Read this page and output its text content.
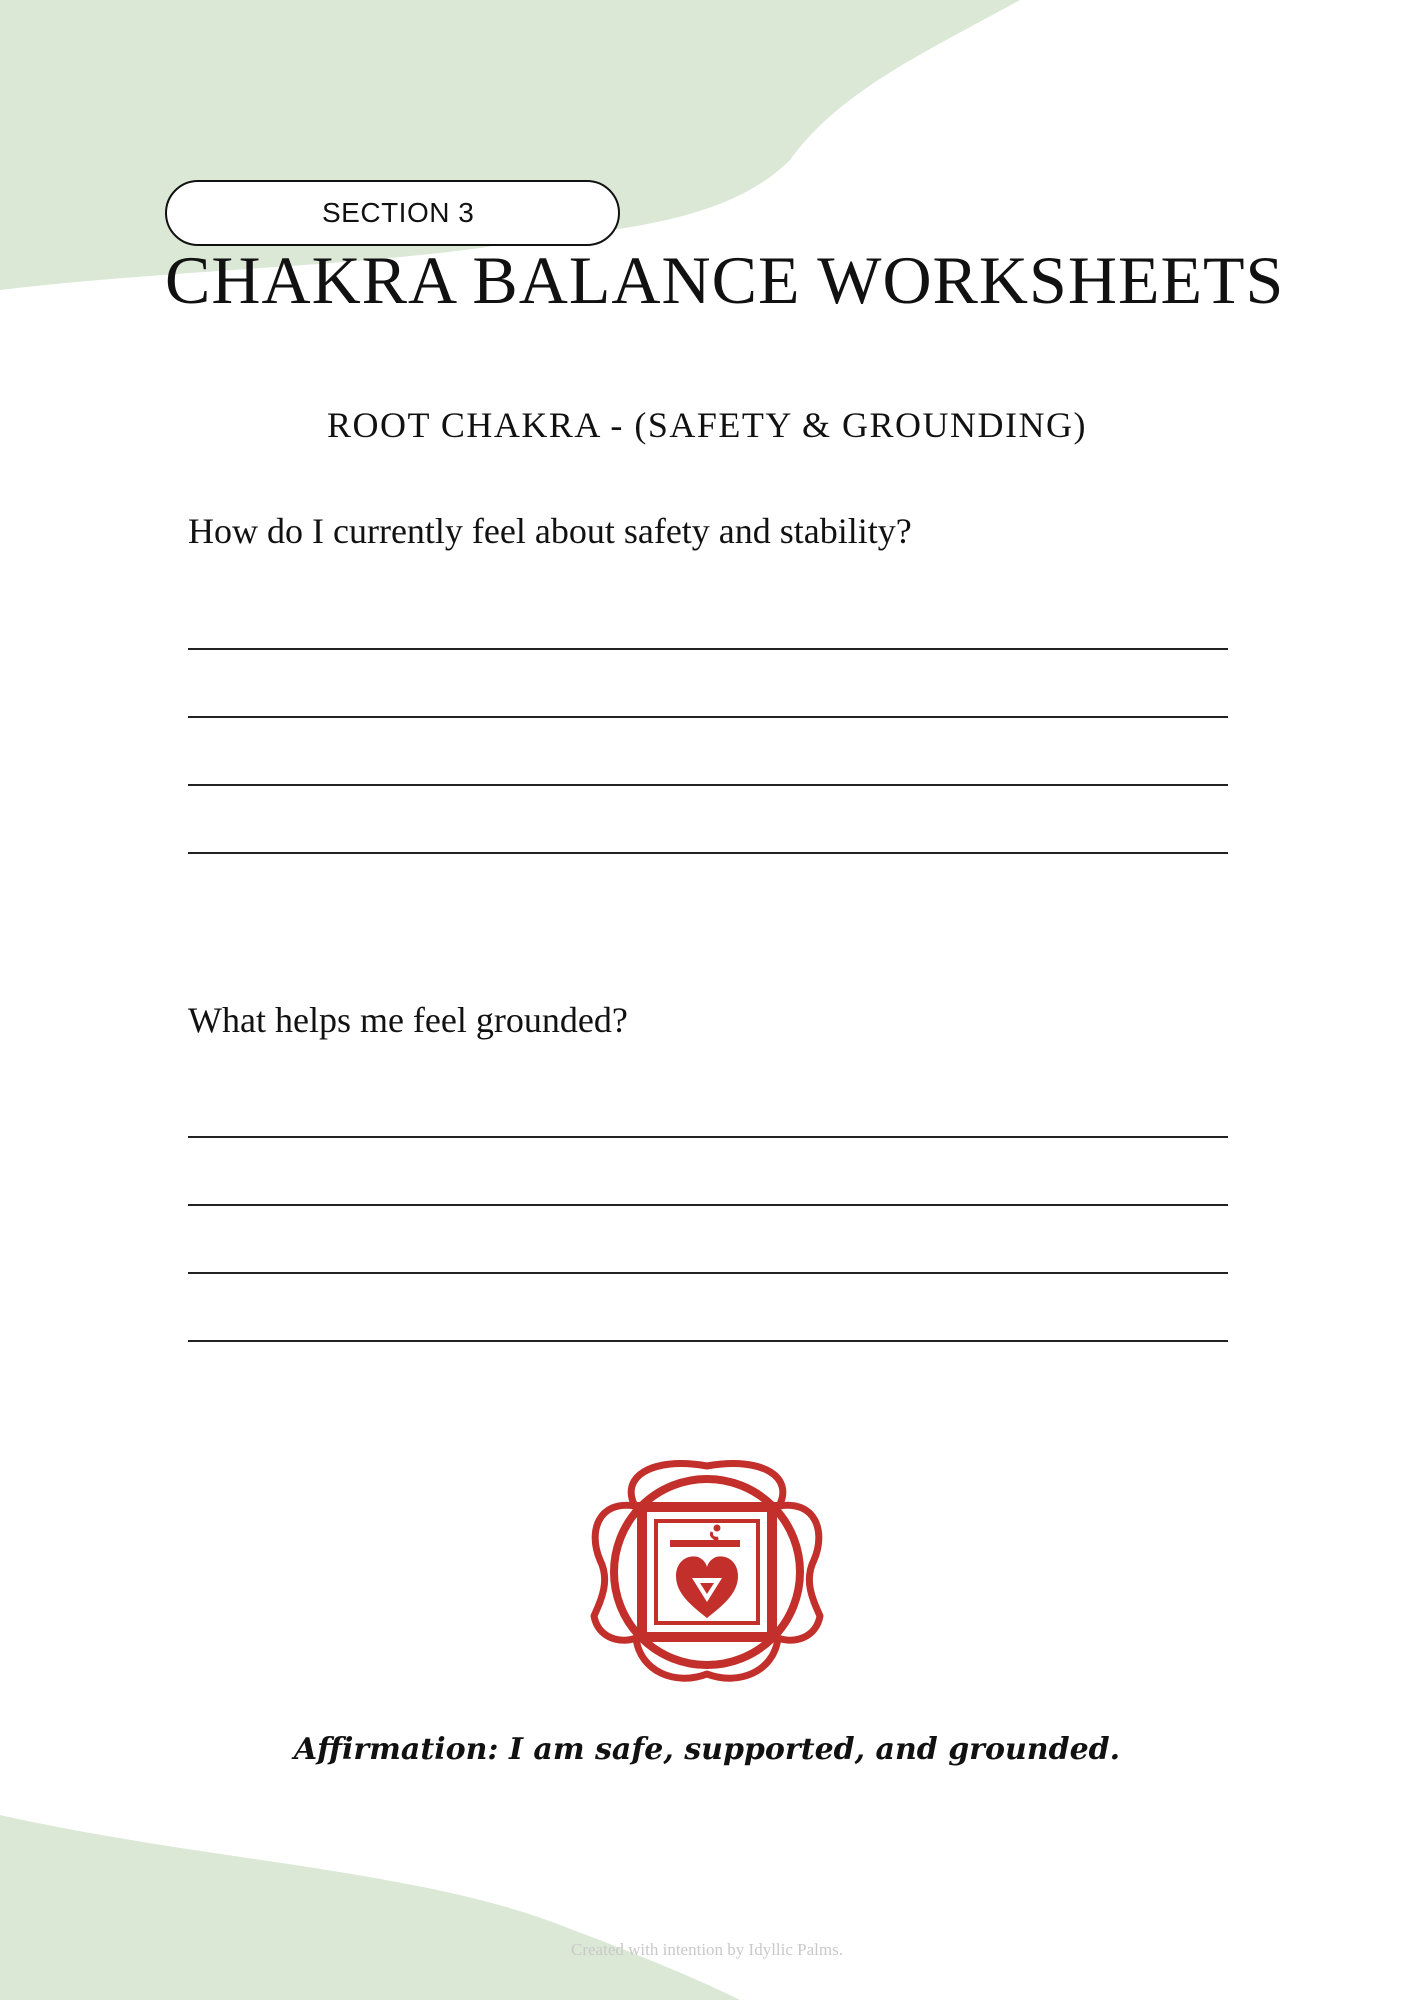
SECTION 3
CHAKRA BALANCE WORKSHEETS
ROOT CHAKRA - (SAFETY & GROUNDING)
How do I currently feel about safety and stability?
What helps me feel grounded?
Affirmation: I am safe, supported, and grounded.
Created with intention by Idyllic Palms.
